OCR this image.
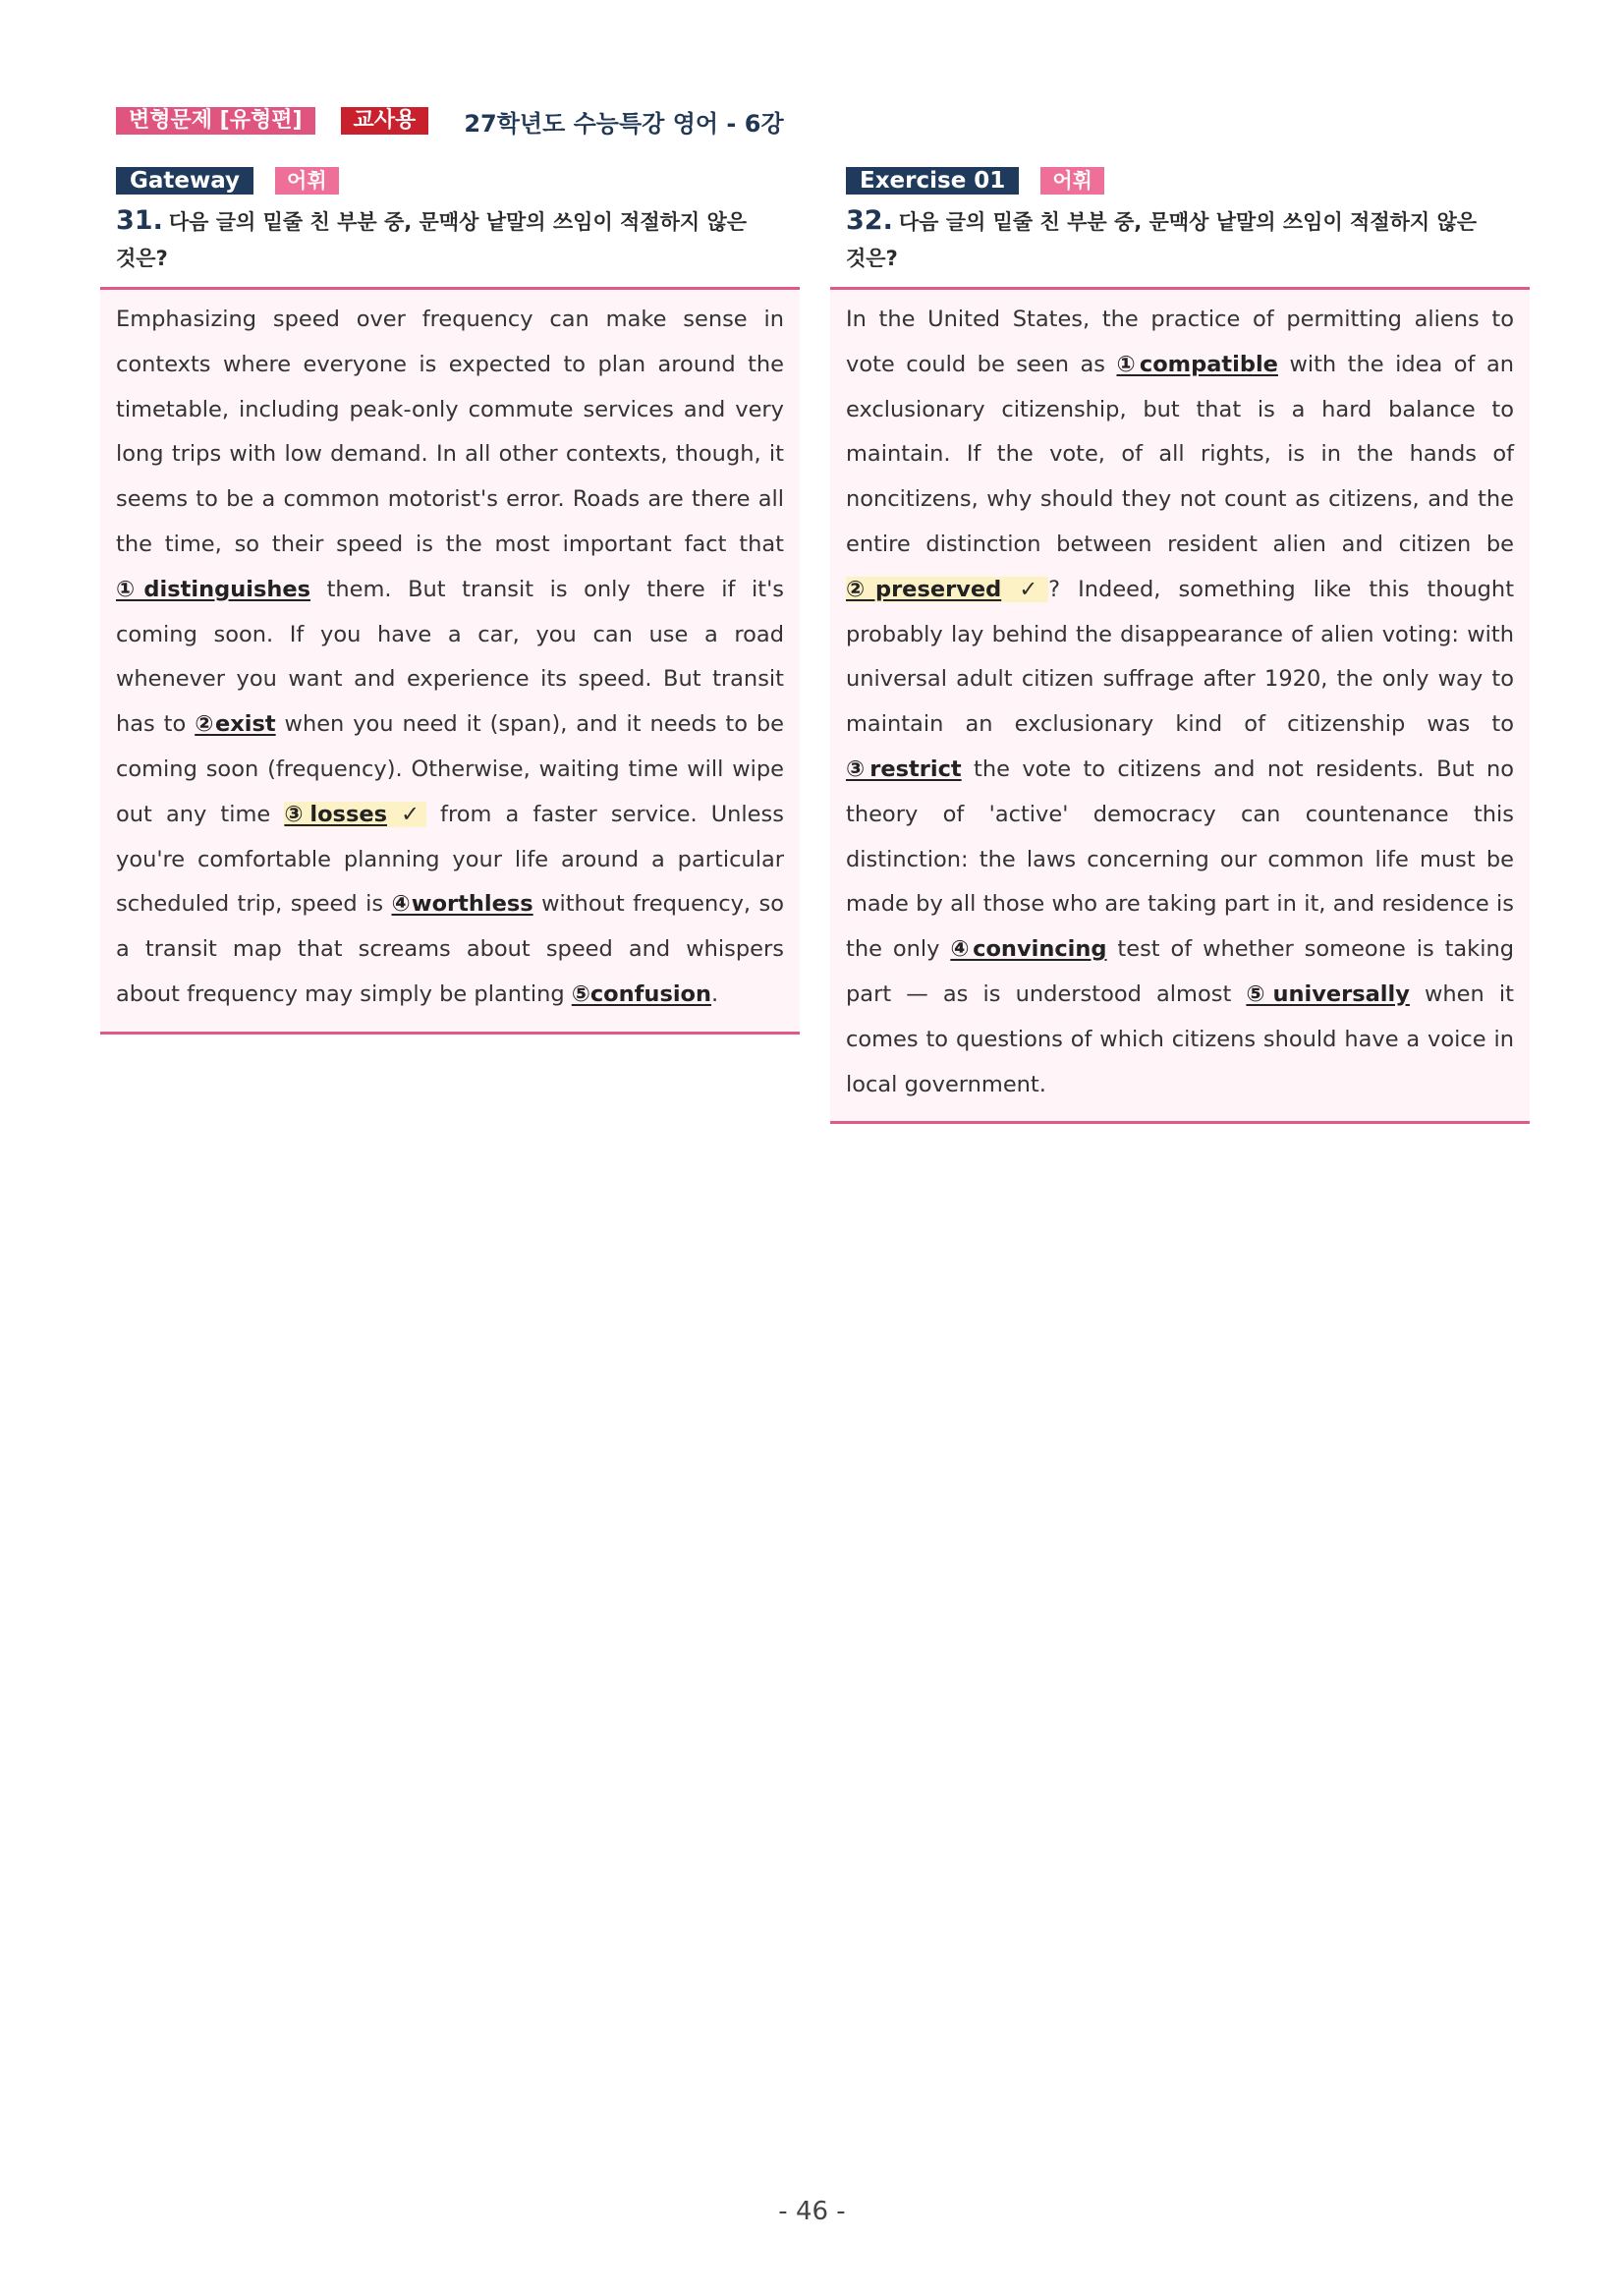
변형문제 [유형편]	교사용	27학년도 수능특강 영어 - 6강
Gateway	어휘
31. 다음 글의 밑줄 친 부분 중, 문맥상 낱말의 쓰임이 적절하지 않은 것은?
Emphasizing speed over frequency can make sense in contexts where everyone is expected to plan around the timetable, including peak-only commute services and very long trips with low demand. In all other contexts, though, it seems to be a common motorist's error. Roads are there all the time, so their speed is the most important fact that ①distinguishes them. But transit is only there if it's coming soon. If you have a car, you can use a road whenever you want and experience its speed. But transit has to ②exist when you need it (span), and it needs to be coming soon (frequency). Otherwise, waiting time will wipe out any time ③losses ✓ from a faster service. Unless you're comfortable planning your life around a particular scheduled trip, speed is ④worthless without frequency, so a transit map that screams about speed and whispers about frequency may simply be planting ⑤confusion.
Exercise 01	어휘
32. 다음 글의 밑줄 친 부분 중, 문맥상 낱말의 쓰임이 적절하지 않은 것은?
In the United States, the practice of permitting aliens to vote could be seen as ①compatible with the idea of an exclusionary citizenship, but that is a hard balance to maintain. If the vote, of all rights, is in the hands of noncitizens, why should they not count as citizens, and the entire distinction between resident alien and citizen be ②preserved ✓? Indeed, something like this thought probably lay behind the disappearance of alien voting: with universal adult citizen suffrage after 1920, the only way to maintain an exclusionary kind of citizenship was to ③restrict the vote to citizens and not residents. But no theory of 'active' democracy can countenance this distinction: the laws concerning our common life must be made by all those who are taking part in it, and residence is the only ④convincing test of whether someone is taking part — as is understood almost ⑤universally when it comes to questions of which citizens should have a voice in local government.
- 46 -
